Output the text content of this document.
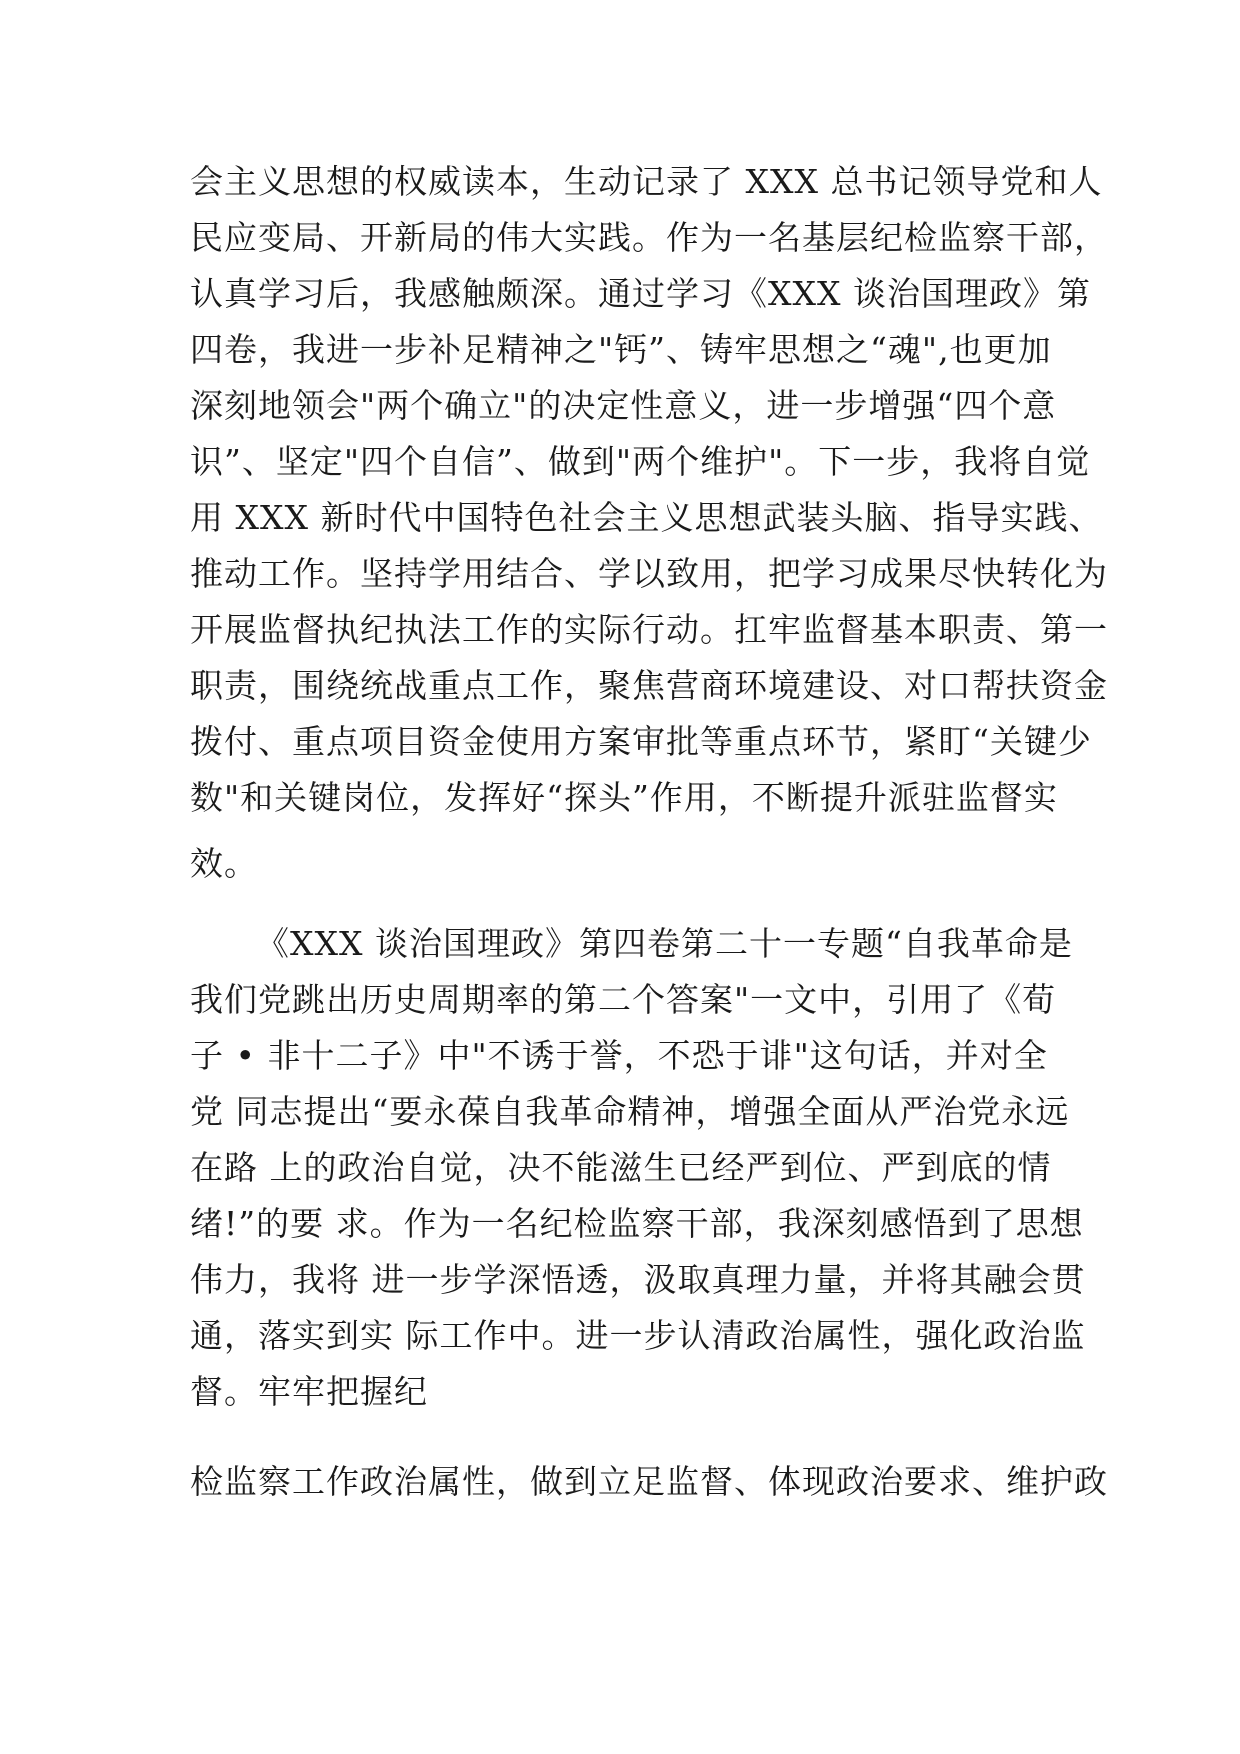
会主义思想的权威读本，生动记录了 XXX 总书记领导党和人
民应变局、开新局的伟大实践。作为一名基层纪检监察干部，
认真学习后，我感触颇深。通过学习《XXX 谈治国理政》第
四卷，我进一步补足精神之"钙”、铸牢思想之“魂",也更加
深刻地领会"两个确立"的决定性意义，进一步增强“四个意
识”、坚定"四个自信”、做到"两个维护"。下一步，我将自觉
用 XXX 新时代中国特色社会主义思想武装头脑、指导实践、
推动工作。坚持学用结合、学以致用，把学习成果尽快转化为
开展监督执纪执法工作的实际行动。扛牢监督基本职责、第一
职责，围绕统战重点工作，聚焦营商环境建设、对口帮扶资金
拨付、重点项目资金使用方案审批等重点环节，紧盯“关键少
数"和关键岗位，发挥好“探头”作用，不断提升派驻监督实
效。
《XXX 谈治国理政》第四卷第二十一专题“自我革命是
我们党跳出历史周期率的第二个答案"一文中，引用了《荀
子 • 非十二子》中"不诱于誉，不恐于诽"这句话，并对全
党 同志提出“要永葆自我革命精神，增强全面从严治党永远
在路 上的政治自觉，决不能滋生已经严到位、严到底的情
绪!”的要 求。作为一名纪检监察干部，我深刻感悟到了思想
伟力，我将 进一步学深悟透，汲取真理力量，并将其融会贯
通，落实到实 际工作中。进一步认清政治属性，强化政治监
督。牢牢把握纪
检监察工作政治属性，做到立足监督、体现政治要求、维护政
